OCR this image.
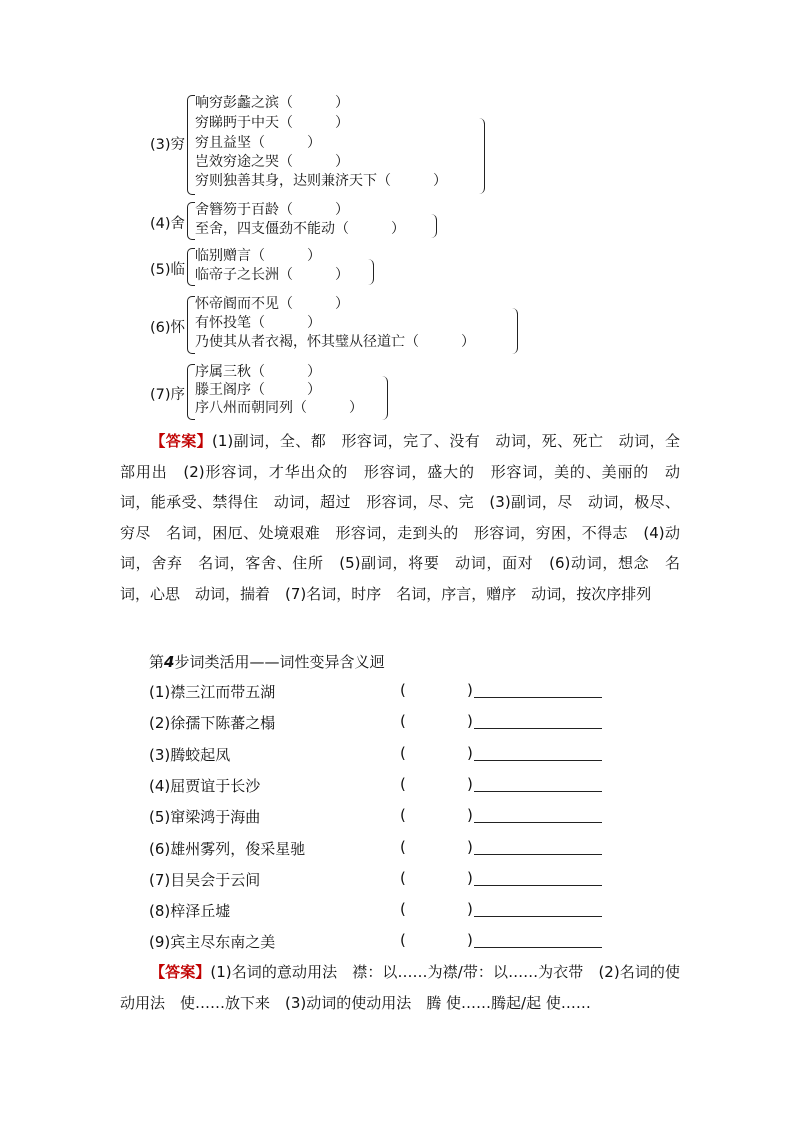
(3)穷
响穷彭蠡之滨（　　　）
穷睇眄于中天（　　　）
穷且益坚（　　　）
岂效穷途之哭（　　　）
穷则独善其身，达则兼济天下（　　　）
(4)舍
舍簪笏于百龄（　　　）
至舍，四支僵劲不能动（　　　）
(5)临
临别赠言（　　　）
临帝子之长洲（　　　）
(6)怀
怀帝阍而不见（　　　）
有怀投笔（　　　）
乃使其从者衣褐，怀其璧从径道亡（　　　）
(7)序
序属三秋（　　　）
滕王阁序（　　　）
序八州而朝同列（　　　）
【答案】(1)副词，全、都　形容词，完了、没有　动词，死、死亡　动词，全部用出　(2)形容词，才华出众的　形容词，盛大的　形容词，美的、美丽的　动词，能承受、禁得住　动词，超过　形容词，尽、完　(3)副词，尽　动词，极尽、穷尽　名词，困厄、处境艰难　形容词，走到头的　形容词，穷困，不得志　(4)动词，舍弃　名词，客舍、住所　(5)副词，将要　动词，面对　(6)动词，想念　名词，心思　动词，揣着　(7)名词，时序　名词，序言，赠序　动词，按次序排列
第4步词类活用——词性变异含义迥
(1)襟三江而带五湖	(	)
(2)徐孺下陈蕃之榻	(	)
(3)腾蛟起凤	(	)
(4)屈贾谊于长沙	(	)
(5)窜梁鸿于海曲	(	)
(6)雄州雾列，俊采星驰	(	)
(7)目吴会于云间	(	)
(8)梓泽丘墟	(	)
(9)宾主尽东南之美	(	)
【答案】(1)名词的意动用法　襟：以……为襟/带：以……为衣带　(2)名词的使动用法　使……放下来　(3)动词的使动用法　腾 使……腾起/起 使……
